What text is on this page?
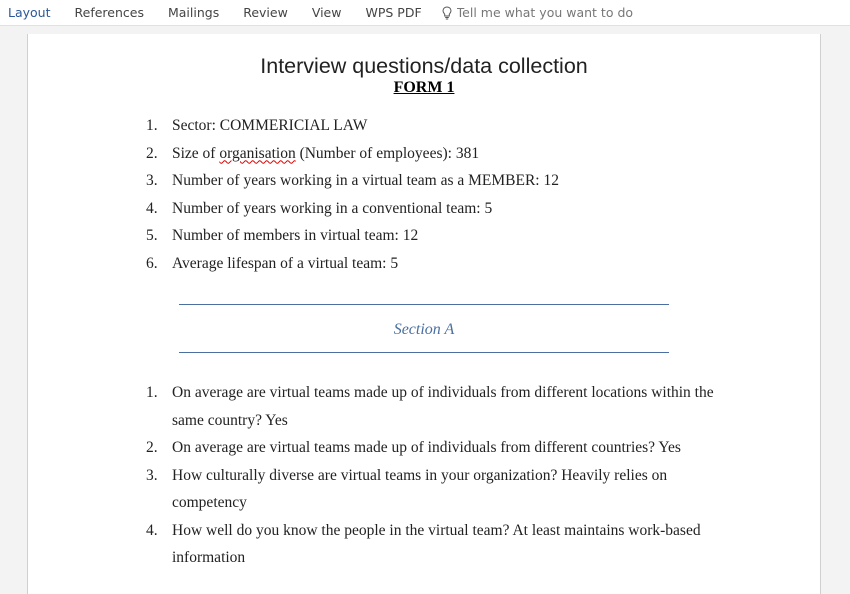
Layout	References	Mailings	Review	View	WPS PDF
Tell me what you want to do
Interview questions/data collection
FORM 1
1. Sector: COMMERICIAL LAW
2. Size of organisation (Number of employees): 381
3. Number of years working in a virtual team as a MEMBER: 12
4. Number of years working in a conventional team: 5
5. Number of members in virtual team: 12
6. Average lifespan of a virtual team: 5
Section A
1. On average are virtual teams made up of individuals from different locations within the same country? Yes
2. On average are virtual teams made up of individuals from different countries? Yes
3. How culturally diverse are virtual teams in your organization? Heavily relies on competency
4. How well do you know the people in the virtual team? At least maintains work-based information
